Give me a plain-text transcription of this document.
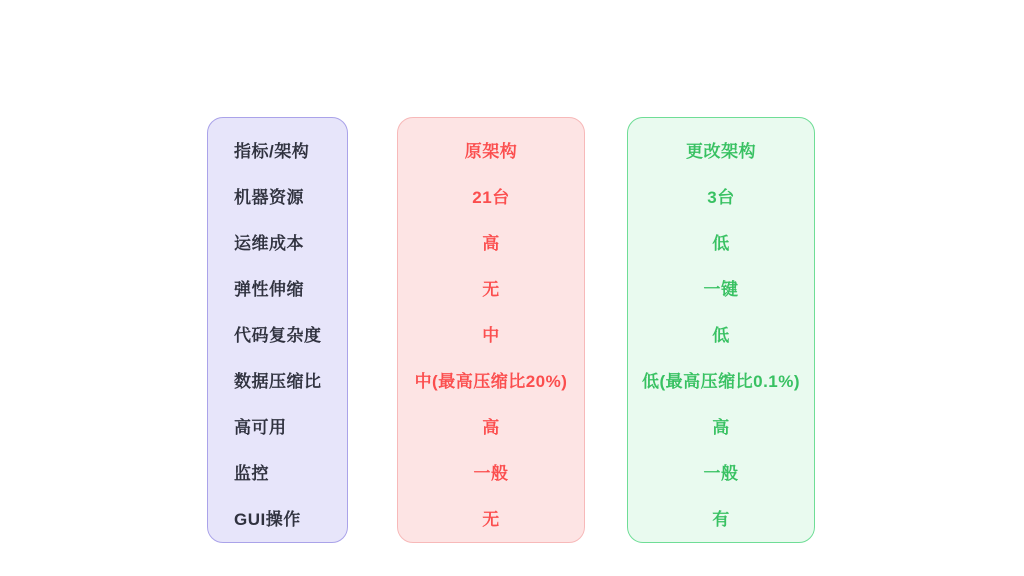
指标/架构
机器资源
运维成本
弹性伸缩
代码复杂度
数据压缩比
高可用
监控
GUI操作
原架构
21台
高
无
中
中(最高压缩比20%)
高
一般
无
更改架构
3台
低
一键
低
低(最高压缩比0.1%)
高
一般
有
